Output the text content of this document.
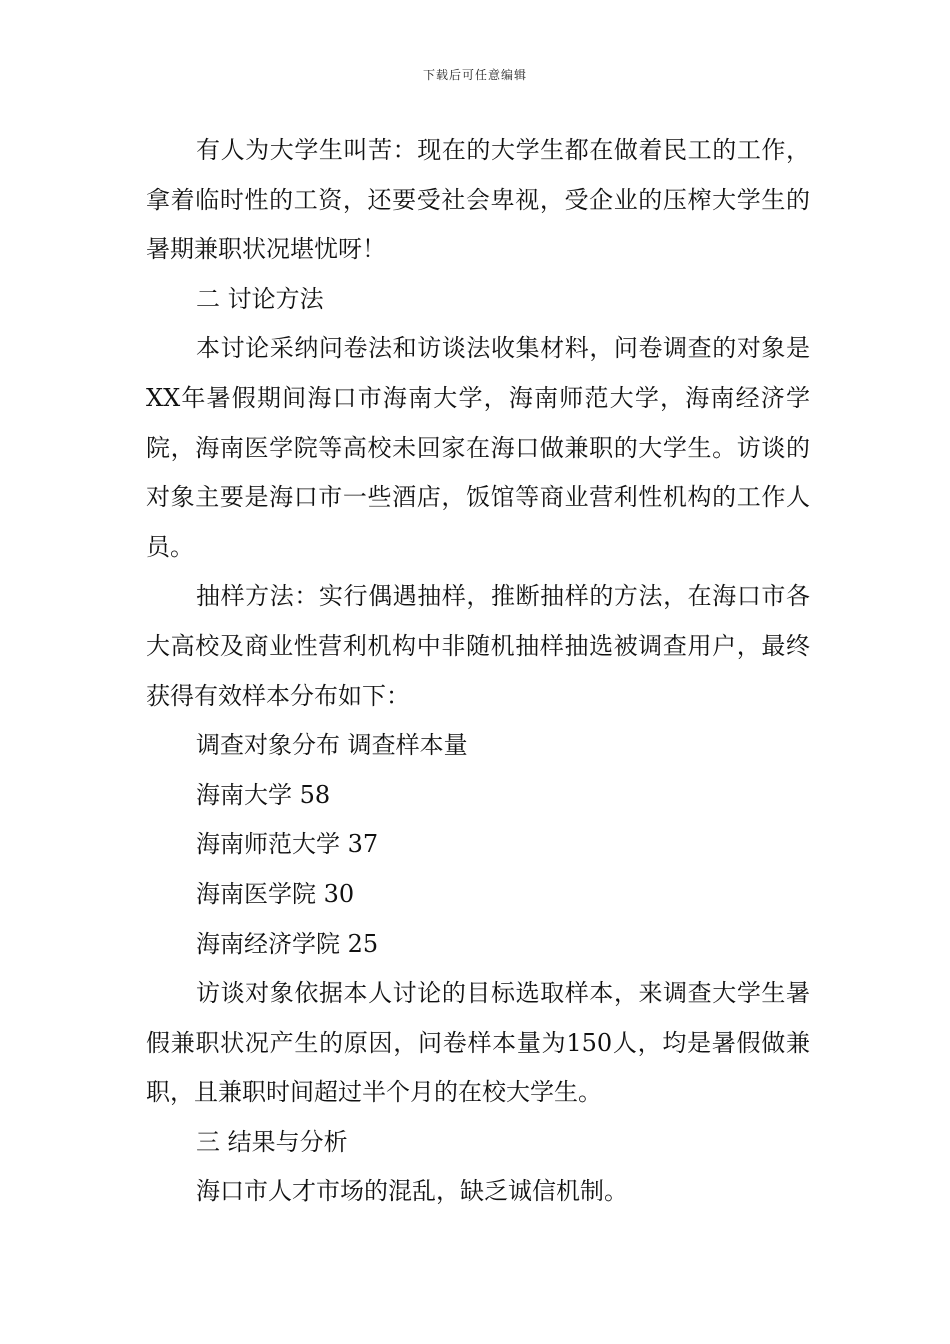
下载后可任意编辑

有人为大学生叫苦：现在的大学生都在做着民工的工作，拿着临时性的工资，还要受社会卑视，受企业的压榨大学生的暑期兼职状况堪忧呀！

二 讨论方法

本讨论采纳问卷法和访谈法收集材料，问卷调查的对象是XX年暑假期间海口市海南大学，海南师范大学，海南经济学院，海南医学院等高校未回家在海口做兼职的大学生。访谈的对象主要是海口市一些酒店，饭馆等商业营利性机构的工作人员。

抽样方法：实行偶遇抽样，推断抽样的方法，在海口市各大高校及商业性营利机构中非随机抽样抽选被调查用户，最终获得有效样本分布如下：

调查对象分布 调查样本量

海南大学 58

海南师范大学 37

海南医学院 30

海南经济学院 25

访谈对象依据本人讨论的目标选取样本，来调查大学生暑假兼职状况产生的原因，问卷样本量为150人，均是暑假做兼职，且兼职时间超过半个月的在校大学生。

三 结果与分析

海口市人才市场的混乱，缺乏诚信机制。
